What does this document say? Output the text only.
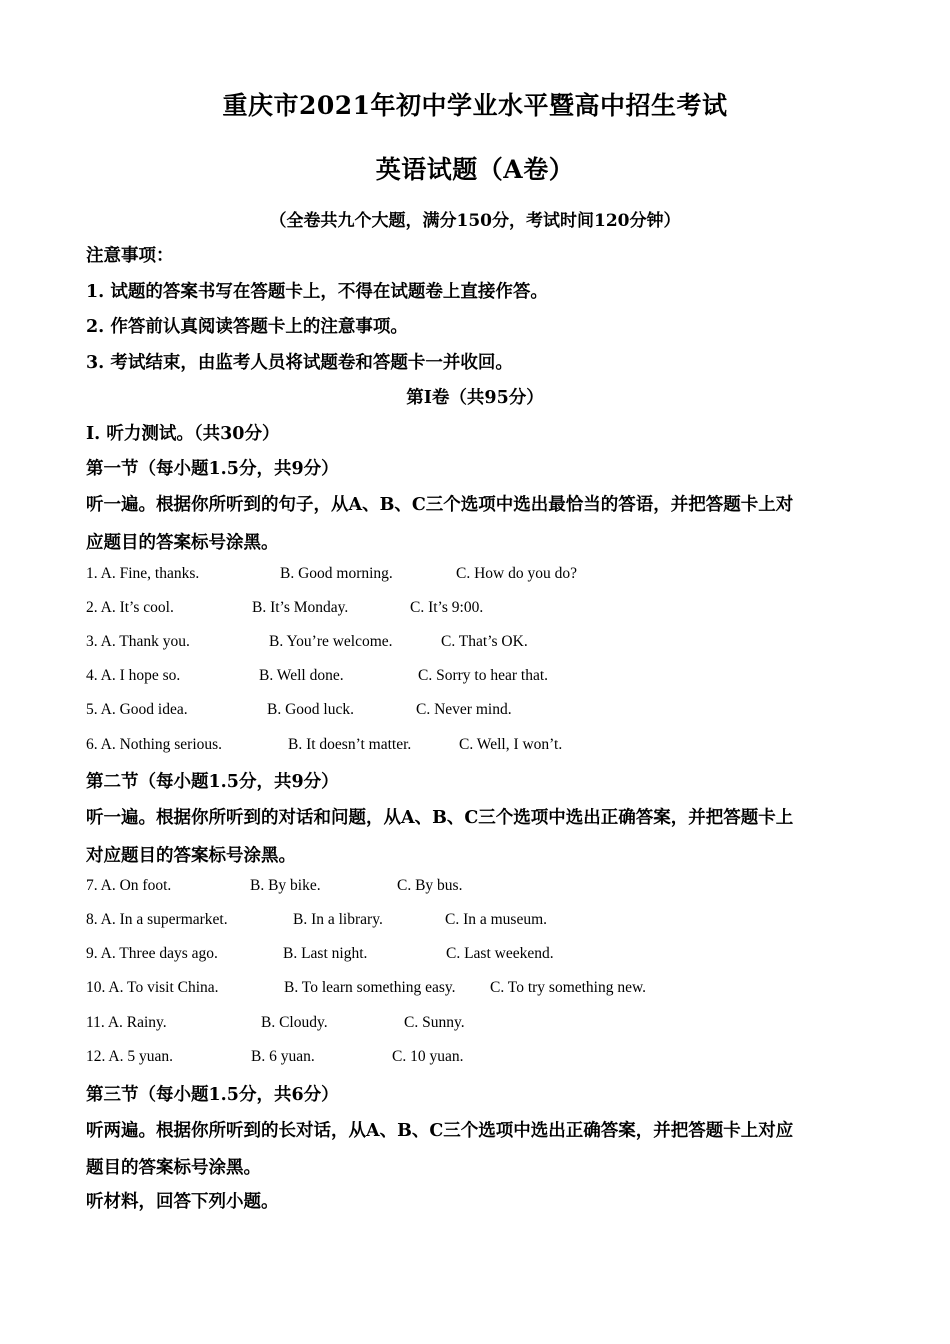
重庆市2021年初中学业水平暨高中招生考试
英语试题（A卷）
（全卷共九个大题，满分150分，考试时间120分钟）
注意事项：
1. 试题的答案书写在答题卡上，不得在试题卷上直接作答。
2. 作答前认真阅读答题卡上的注意事项。
3. 考试结束，由监考人员将试题卷和答题卡一并收回。
第I卷（共95分）
I. 听力测试。（共30分）
第一节（每小题1.5分，共9分）
听一遍。根据你所听到的句子，从A、B、C三个选项中选出最恰当的答语，并把答题卡上对
应题目的答案标号涂黑。
1. A. Fine, thanks.	B. Good morning.	C. How do you do?
2. A. It’s cool.	B. It’s Monday.	C. It’s 9:00.
3. A. Thank you.	B. You’re welcome.	C. That’s OK.
4. A. I hope so.	B. Well done.	C. Sorry to hear that.
5. A. Good idea.	B. Good luck.	C. Never mind.
6. A. Nothing serious.	B. It doesn’t matter.	C. Well, I won’t.
第二节（每小题1.5分，共9分）
听一遍。根据你所听到的对话和问题，从A、B、C三个选项中选出正确答案，并把答题卡上
对应题目的答案标号涂黑。
7. A. On foot.	B. By bike.	C. By bus.
8. A. In a supermarket.	B. In a library.	C. In a museum.
9. A. Three days ago.	B. Last night.	C. Last weekend.
10. A. To visit China.	B. To learn something easy. C. To try something new.
11. A. Rainy.	B. Cloudy.	C. Sunny.
12. A. 5 yuan.	B. 6 yuan.	C. 10 yuan.
第三节（每小题1.5分，共6分）
听两遍。根据你所听到的长对话，从A、B、C三个选项中选出正确答案，并把答题卡上对应
题目的答案标号涂黑。
听材料，回答下列小题。
